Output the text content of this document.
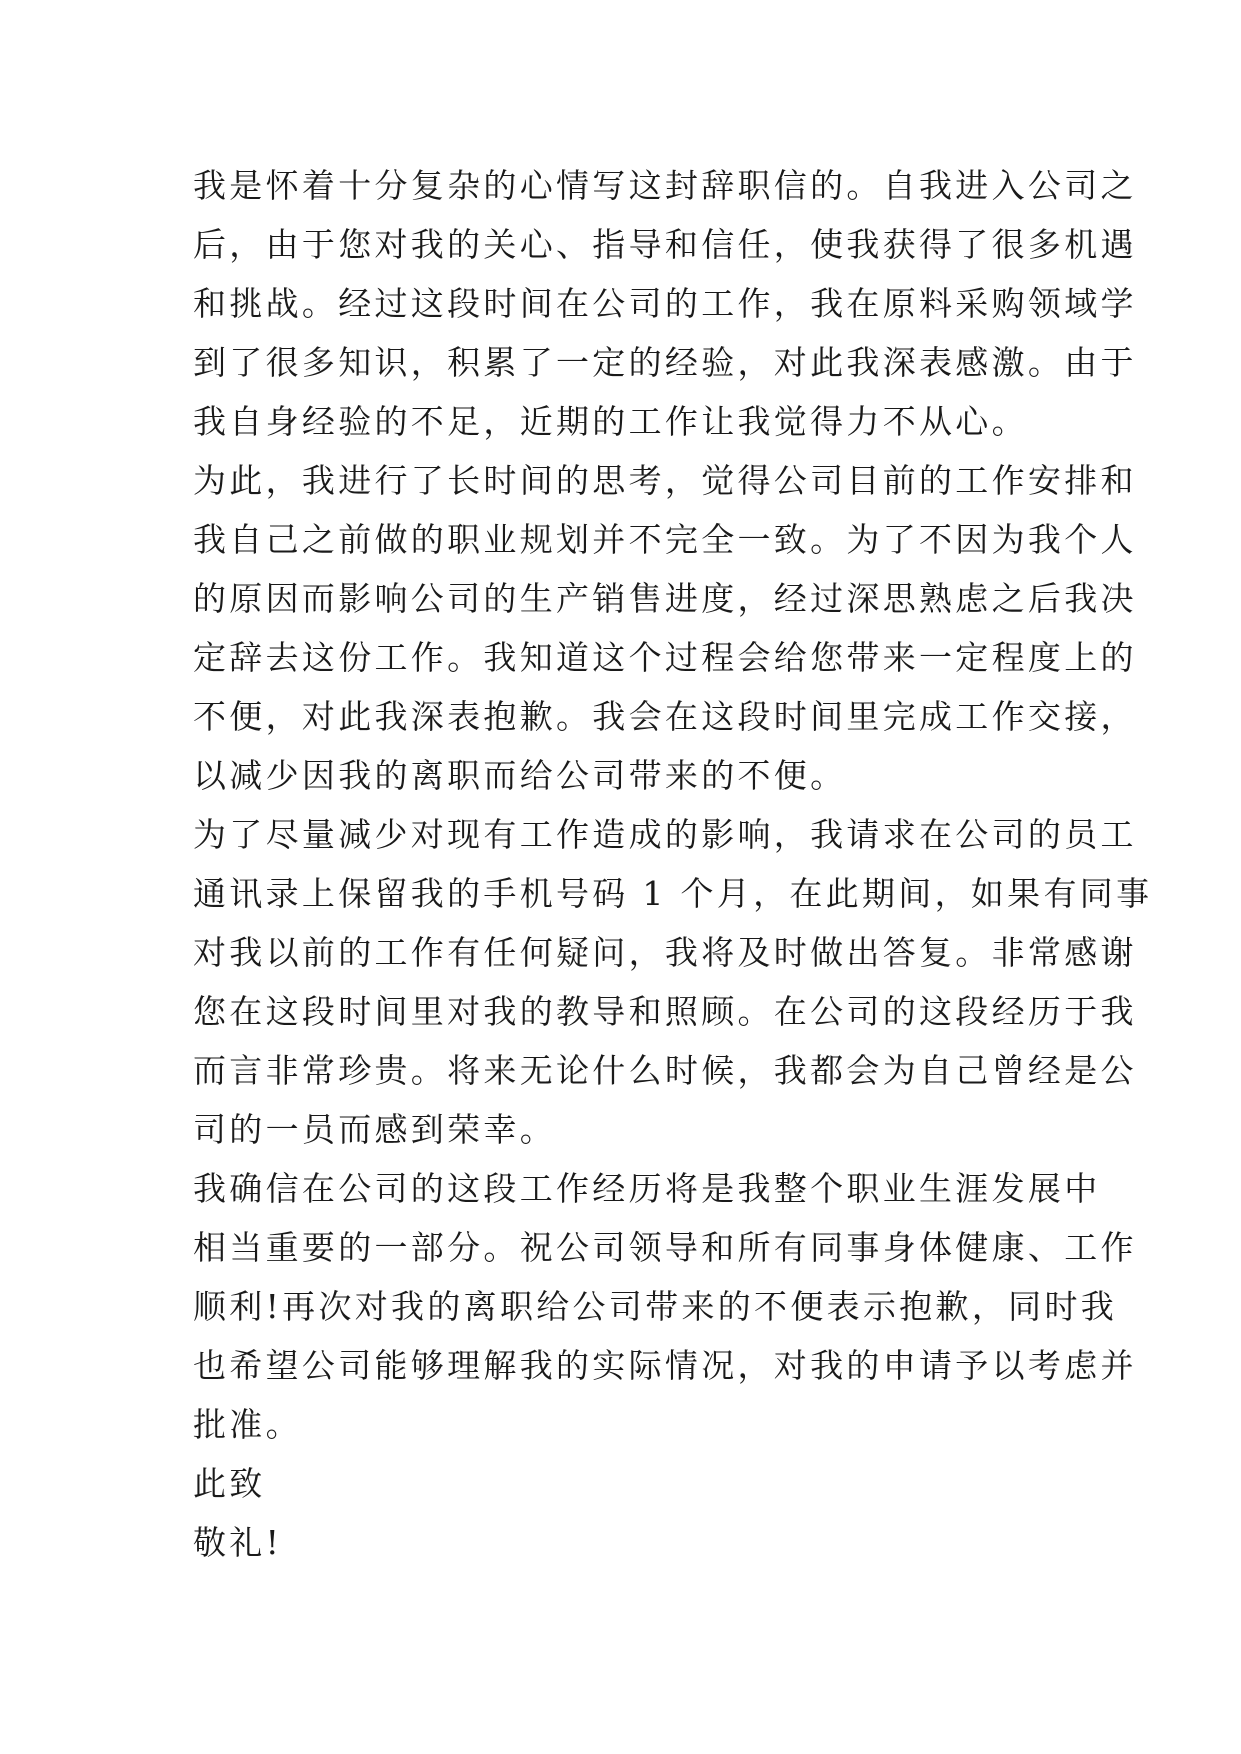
我是怀着十分复杂的心情写这封辞职信的。自我进入公司之
后，由于您对我的关心、指导和信任，使我获得了很多机遇
和挑战。经过这段时间在公司的工作，我在原料采购领域学
到了很多知识，积累了一定的经验，对此我深表感激。由于
我自身经验的不足，近期的工作让我觉得力不从心。
为此，我进行了长时间的思考，觉得公司目前的工作安排和
我自己之前做的职业规划并不完全一致。为了不因为我个人
的原因而影响公司的生产销售进度，经过深思熟虑之后我决
定辞去这份工作。我知道这个过程会给您带来一定程度上的
不便，对此我深表抱歉。我会在这段时间里完成工作交接，
以减少因我的离职而给公司带来的不便。
为了尽量减少对现有工作造成的影响，我请求在公司的员工
通讯录上保留我的手机号码 1 个月，在此期间，如果有同事
对我以前的工作有任何疑问，我将及时做出答复。非常感谢
您在这段时间里对我的教导和照顾。在公司的这段经历于我
而言非常珍贵。将来无论什么时候，我都会为自己曾经是公
司的一员而感到荣幸。
我确信在公司的这段工作经历将是我整个职业生涯发展中
相当重要的一部分。祝公司领导和所有同事身体健康、工作
顺利!再次对我的离职给公司带来的不便表示抱歉，同时我
也希望公司能够理解我的实际情况，对我的申请予以考虑并
批准。
此致
敬礼!
